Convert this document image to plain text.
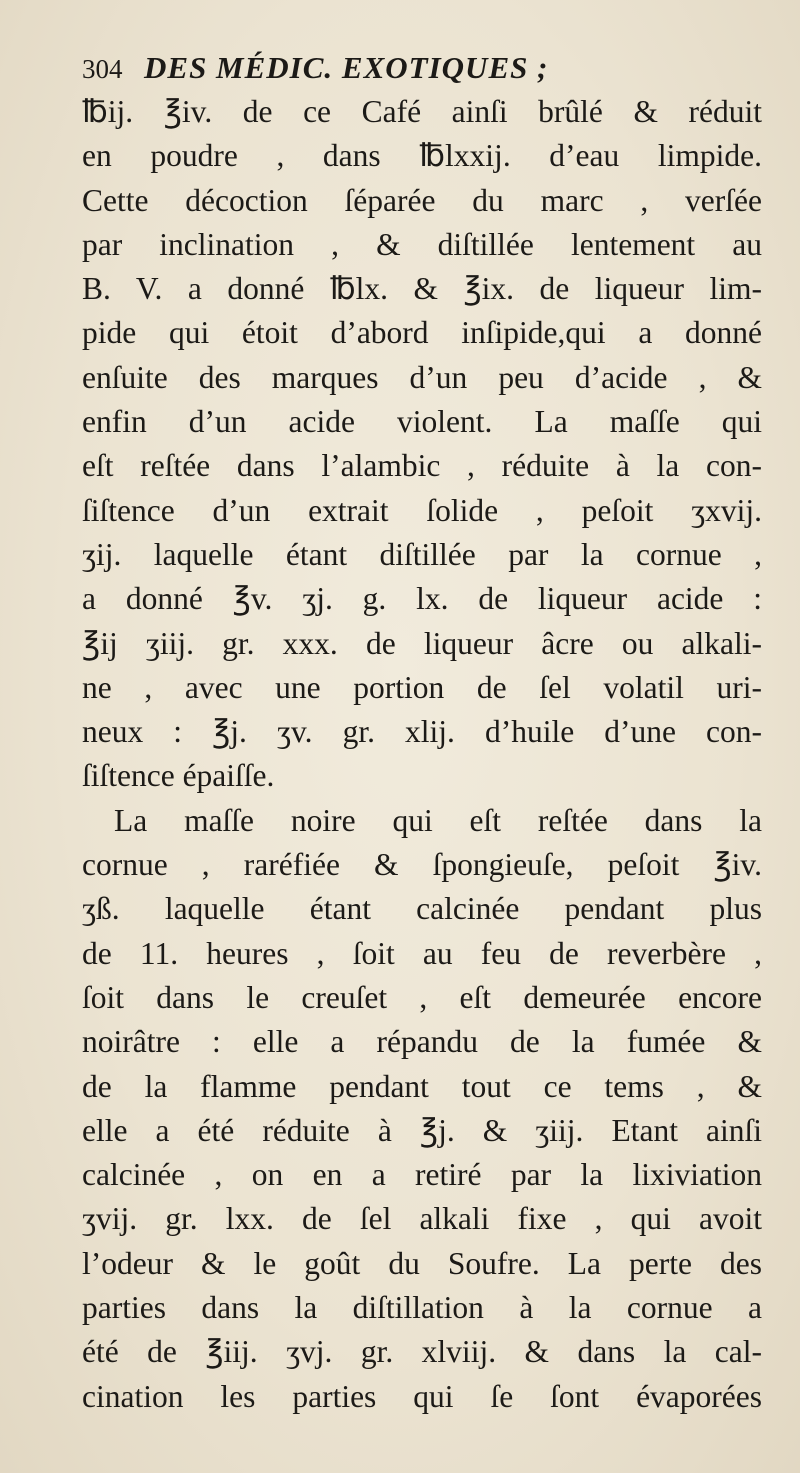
304 DES MÉDIC. EXOTIQUES ;
℔ij. ℥iv. de ce Café ainſi brûlé & réduit
en poudre , dans ℔lxxij. d’eau limpide.
Cette décoction ſéparée du marc , verſée
par inclination , & diſtillée lentement au
B. V. a donné ℔lx. & ℥ix. de liqueur lim-
pide qui étoit d’abord inſipide,qui a donné
enſuite des marques d’un peu d’acide , &
enfin d’un acide violent. La maſſe qui
eſt reſtée dans l’alambic , réduite à la con-
ſiſtence d’un extrait ſolide , peſoit ʒxvij.
ʒij. laquelle étant diſtillée par la cornue ,
a donné ℥v. ʒj. g. lx. de liqueur acide :
℥ij ʒiij. gr. xxx. de liqueur âcre ou alkali-
ne , avec une portion de ſel volatil uri-
neux : ℥j. ʒv. gr. xlij. d’huile d’une con-
ſiſtence épaiſſe.
La maſſe noire qui eſt reſtée dans la
cornue , raréfiée & ſpongieuſe, peſoit ℥iv.
ʒß. laquelle étant calcinée pendant plus
de 11. heures , ſoit au feu de reverbère ,
ſoit dans le creuſet , eſt demeurée encore
noirâtre : elle a répandu de la fumée &
de la flamme pendant tout ce tems , &
elle a été réduite à ℥j. & ʒiij. Etant ainſi
calcinée , on en a retiré par la lixiviation
ʒvij. gr. lxx. de ſel alkali fixe , qui avoit
l’odeur & le goût du Soufre. La perte des
parties dans la diſtillation à la cornue a
été de ℥iij. ʒvj. gr. xlviij. & dans la cal-
cination les parties qui ſe ſont évaporées
